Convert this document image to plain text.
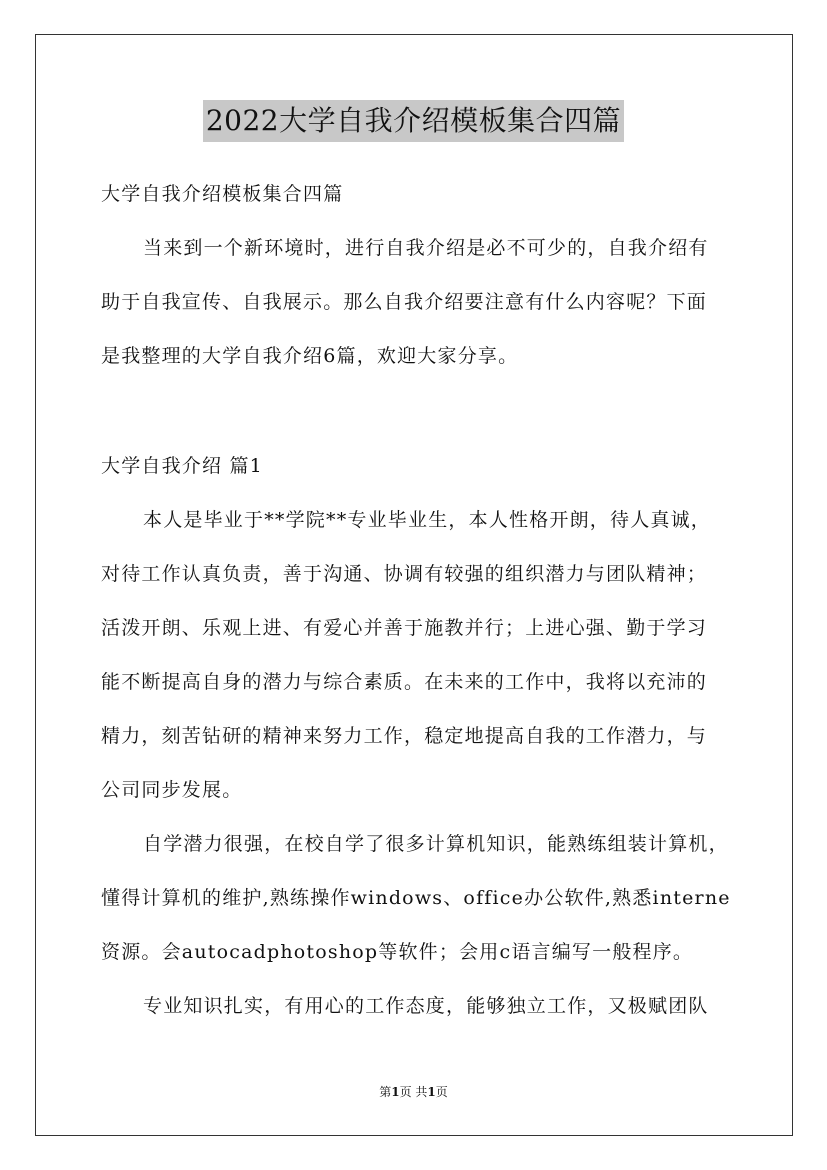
2022大学自我介绍模板集合四篇
大学自我介绍模板集合四篇
当来到一个新环境时，进行自我介绍是必不可少的，自我介绍有
助于自我宣传、自我展示。那么自我介绍要注意有什么内容呢？下面
是我整理的大学自我介绍6篇，欢迎大家分享。
大学自我介绍 篇1
本人是毕业于**学院**专业毕业生，本人性格开朗，待人真诚，
对待工作认真负责，善于沟通、协调有较强的组织潜力与团队精神；
活泼开朗、乐观上进、有爱心并善于施教并行；上进心强、勤于学习
能不断提高自身的潜力与综合素质。在未来的工作中，我将以充沛的
精力，刻苦钻研的精神来努力工作，稳定地提高自我的工作潜力，与
公司同步发展。
自学潜力很强，在校自学了很多计算机知识，能熟练组装计算机，
懂得计算机的维护,熟练操作windows、office办公软件,熟悉interne
资源。会autocadphotoshop等软件；会用c语言编写一般程序。
专业知识扎实，有用心的工作态度，能够独立工作，又极赋团队
第1页 共1页
